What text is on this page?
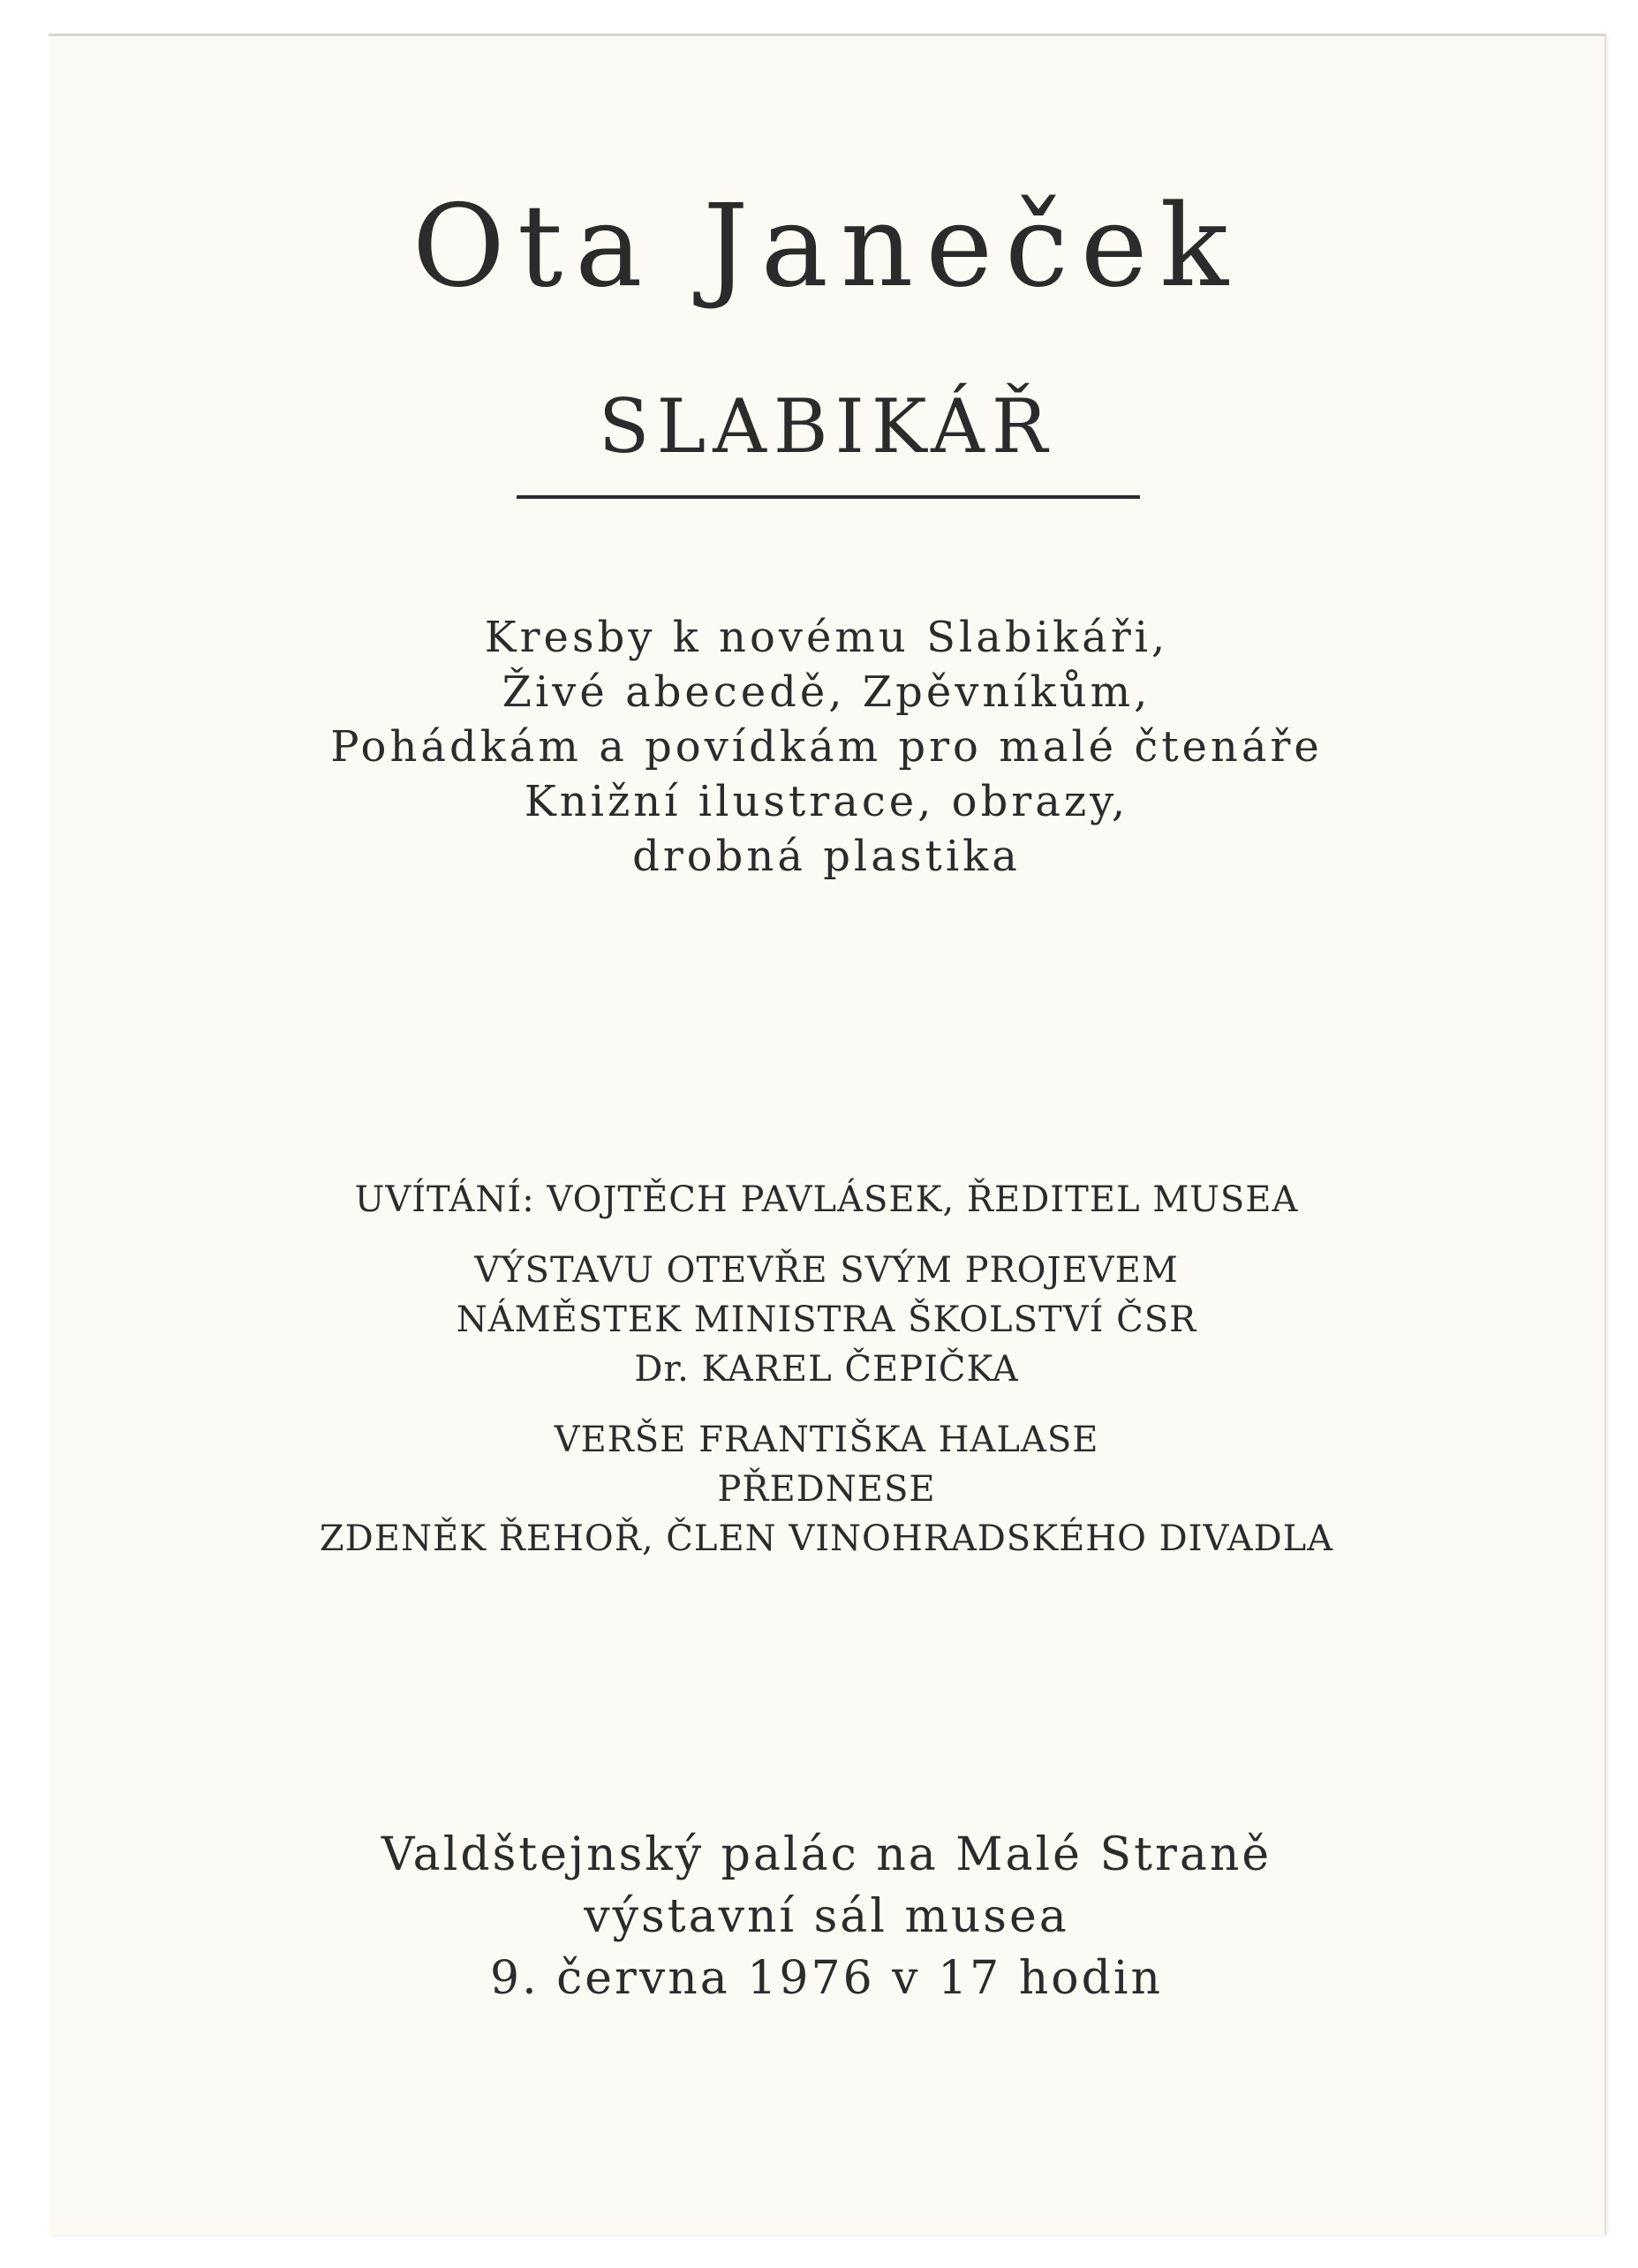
Ota Janeček
SLABIKÁŘ
Kresby k novému Slabikáři,
Živé abecedě, Zpěvníkům,
Pohádkám a povídkám pro malé čtenáře
Knižní ilustrace, obrazy,
drobná plastika
UVÍTÁNÍ: VOJTĚCH PAVLÁSEK, ŘEDITEL MUSEA
VÝSTAVU OTEVŘE SVÝM PROJEVEM
NÁMĚSTEK MINISTRA ŠKOLSTVÍ ČSR
Dr. KAREL ČEPIČKA
VERŠE FRANTIŠKA HALASE
PŘEDNESE
ZDENĚK ŘEHOŘ, ČLEN VINOHRADSKÉHO DIVADLA
Valdštejnský palác na Malé Straně
výstavní sál musea
9. června 1976 v 17 hodin
